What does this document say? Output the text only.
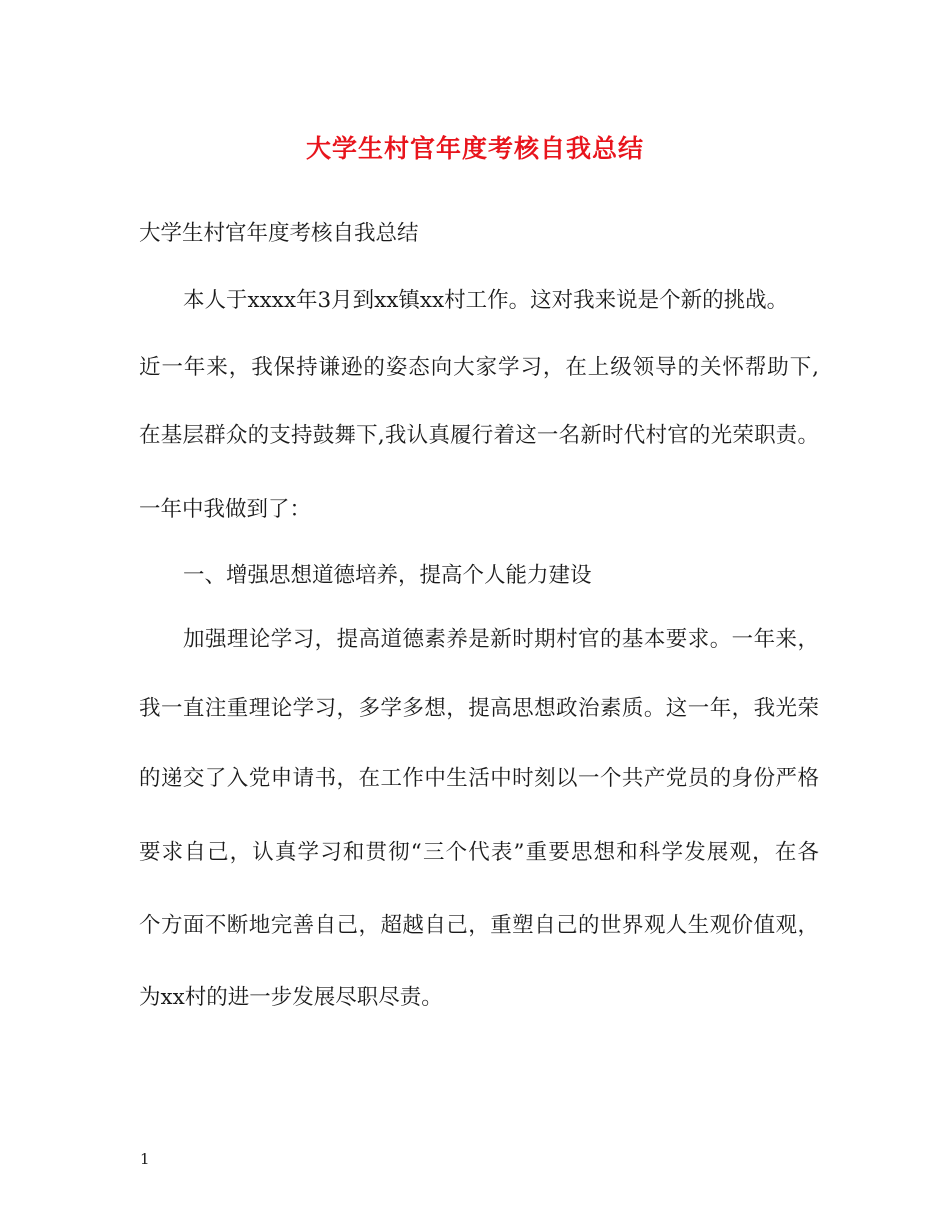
大学生村官年度考核自我总结

大学生村官年度考核自我总结

本人于xxxx年3月到xx镇xx村工作。这对我来说是个新的挑战。

近一年来，我保持谦逊的姿态向大家学习，在上级领导的关怀帮助下,

在基层群众的支持鼓舞下,我认真履行着这一名新时代村官的光荣职责。

一年中我做到了：

一、增强思想道德培养，提高个人能力建设

加强理论学习，提高道德素养是新时期村官的基本要求。一年来，

我一直注重理论学习，多学多想，提高思想政治素质。这一年，我光荣

的递交了入党申请书，在工作中生活中时刻以一个共产党员的身份严格

要求自己，认真学习和贯彻“三个代表”重要思想和科学发展观，在各

个方面不断地完善自己，超越自己，重塑自己的世界观人生观价值观，

为xx村的进一步发展尽职尽责。

1
